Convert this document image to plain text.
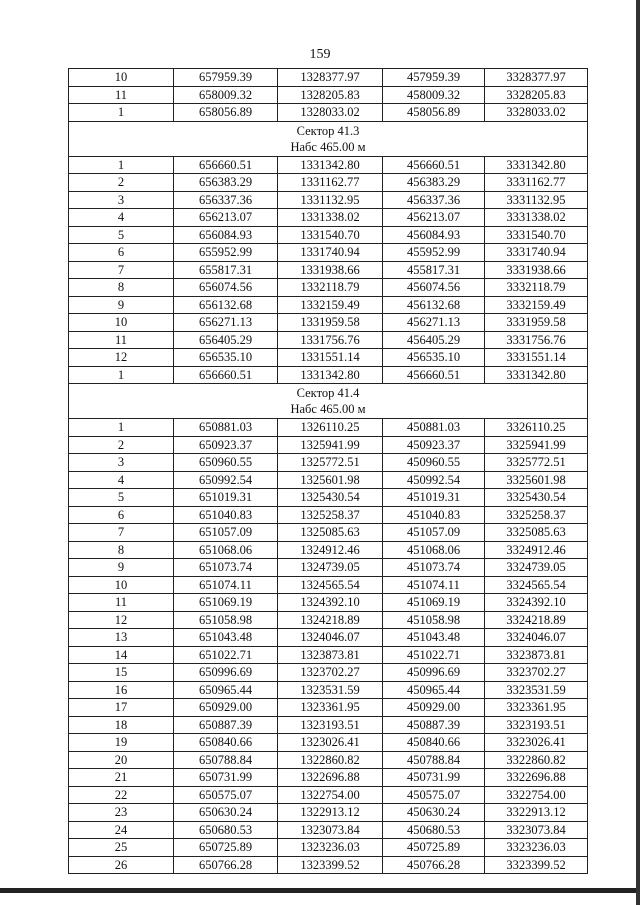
159
10	657959.39	1328377.97	457959.39	3328377.97
11	658009.32	1328205.83	458009.32	3328205.83
1	658056.89	1328033.02	458056.89	3328033.02

Сектор 41.3
Набс 465.00 м				

1	656660.51	1331342.80	456660.51	3331342.80
2	656383.29	1331162.77	456383.29	3331162.77
3	656337.36	1331132.95	456337.36	3331132.95
4	656213.07	1331338.02	456213.07	3331338.02
5	656084.93	1331540.70	456084.93	3331540.70
6	655952.99	1331740.94	455952.99	3331740.94
7	655817.31	1331938.66	455817.31	3331938.66
8	656074.56	1332118.79	456074.56	3332118.79
9	656132.68	1332159.49	456132.68	3332159.49
10	656271.13	1331959.58	456271.13	3331959.58
11	656405.29	1331756.76	456405.29	3331756.76
12	656535.10	1331551.14	456535.10	3331551.14
1	656660.51	1331342.80	456660.51	3331342.80

Сектор 41.4
Набс 465.00 м				

1	650881.03	1326110.25	450881.03	3326110.25
2	650923.37	1325941.99	450923.37	3325941.99
3	650960.55	1325772.51	450960.55	3325772.51
4	650992.54	1325601.98	450992.54	3325601.98
5	651019.31	1325430.54	451019.31	3325430.54
6	651040.83	1325258.37	451040.83	3325258.37
7	651057.09	1325085.63	451057.09	3325085.63
8	651068.06	1324912.46	451068.06	3324912.46
9	651073.74	1324739.05	451073.74	3324739.05
10	651074.11	1324565.54	451074.11	3324565.54
11	651069.19	1324392.10	451069.19	3324392.10
12	651058.98	1324218.89	451058.98	3324218.89
13	651043.48	1324046.07	451043.48	3324046.07
14	651022.71	1323873.81	451022.71	3323873.81
15	650996.69	1323702.27	450996.69	3323702.27
16	650965.44	1323531.59	450965.44	3323531.59
17	650929.00	1323361.95	450929.00	3323361.95
18	650887.39	1323193.51	450887.39	3323193.51
19	650840.66	1323026.41	450840.66	3323026.41
20	650788.84	1322860.82	450788.84	3322860.82
21	650731.99	1322696.88	450731.99	3322696.88
22	650575.07	1322754.00	450575.07	3322754.00
23	650630.24	1322913.12	450630.24	3322913.12
24	650680.53	1323073.84	450680.53	3323073.84
25	650725.89	1323236.03	450725.89	3323236.03
26	650766.28	1323399.52	450766.28	3323399.52
